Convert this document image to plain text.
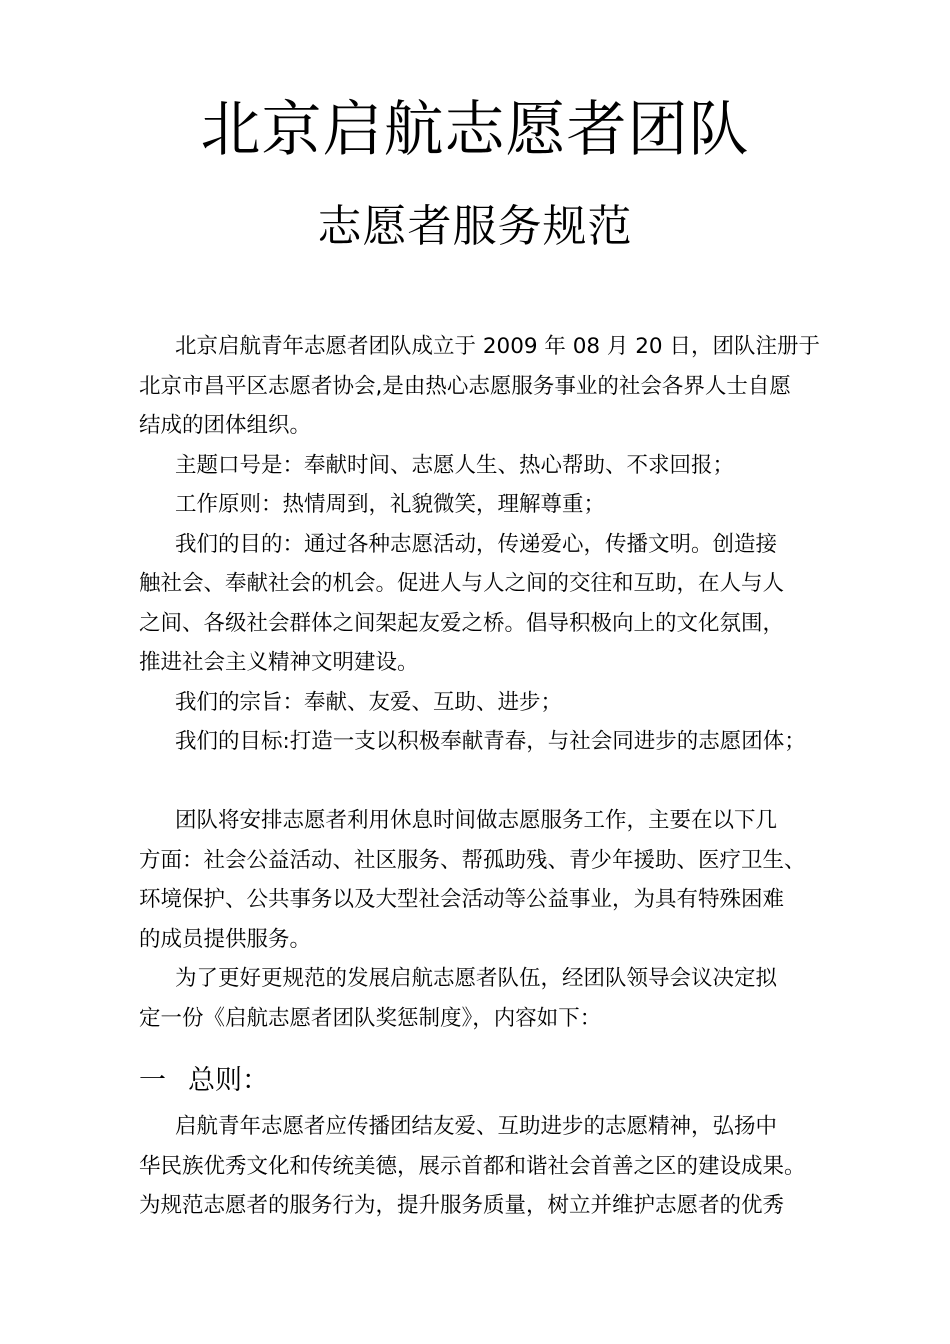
北京启航志愿者团队
志愿者服务规范

北京启航青年志愿者团队成立于 2009 年 08 月 20 日，团队注册于

北京市昌平区志愿者协会,是由热心志愿服务事业的社会各界人士自愿
结成的团体组织。

主题口号是：奉献时间、志愿人生、热心帮助、不求回报；

工作原则：热情周到，礼貌微笑，理解尊重；

我们的目的：通过各种志愿活动，传递爱心，传播文明。创造接

触社会、奉献社会的机会。促进人与人之间的交往和互助，在人与人
之间、各级社会群体之间架起友爱之桥。倡导积极向上的文化氛围，
推进社会主义精神文明建设。

我们的宗旨：奉献、友爱、互助、进步；

我们的目标:打造一支以积极奉献青春，与社会同进步的志愿团体；

团队将安排志愿者利用休息时间做志愿服务工作，主要在以下几

方面：社会公益活动、社区服务、帮孤助残、青少年援助、医疗卫生、
环境保护、公共事务以及大型社会活动等公益事业，为具有特殊困难
的成员提供服务。

为了更好更规范的发展启航志愿者队伍，经团队领导会议决定拟

定一份《启航志愿者团队奖惩制度》，内容如下：
一 总则：

启航青年志愿者应传播团结友爱、互助进步的志愿精神，弘扬中

华民族优秀文化和传统美德，展示首都和谐社会首善之区的建设成果。
为规范志愿者的服务行为，提升服务质量，树立并维护志愿者的优秀
